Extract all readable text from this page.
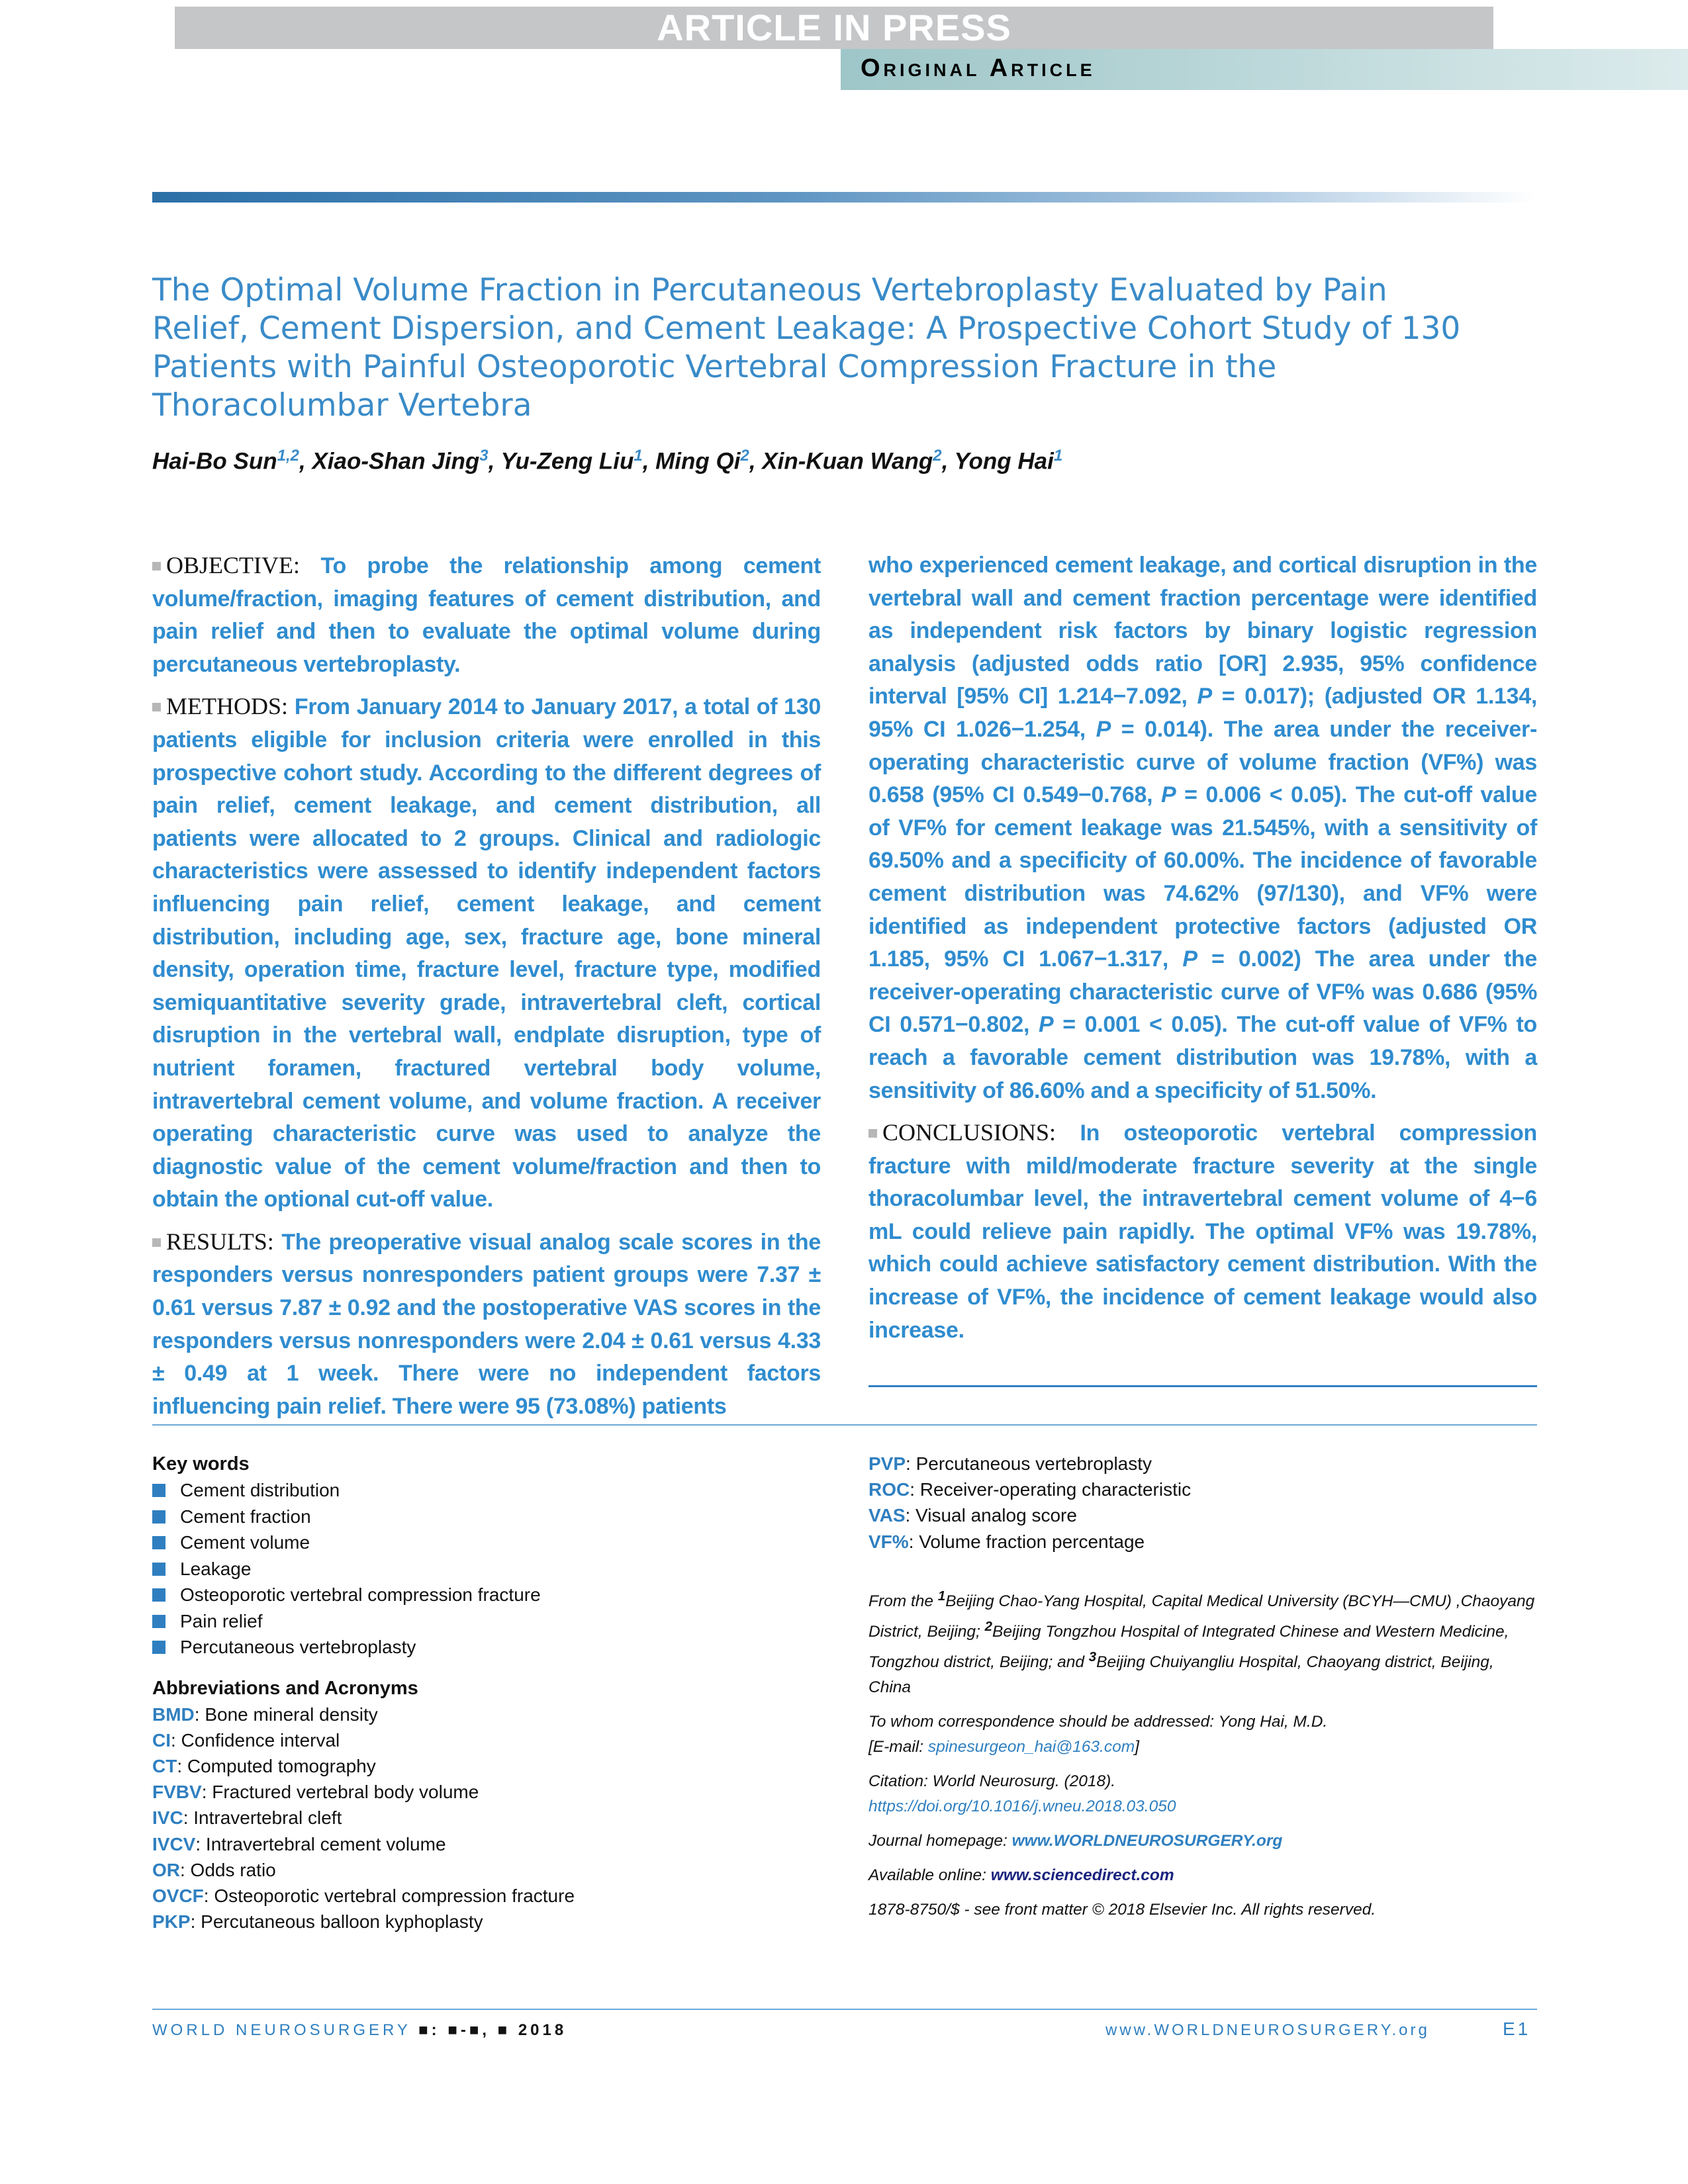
ARTICLE IN PRESS
Original Article
The Optimal Volume Fraction in Percutaneous Vertebroplasty Evaluated by Pain Relief, Cement Dispersion, and Cement Leakage: A Prospective Cohort Study of 130 Patients with Painful Osteoporotic Vertebral Compression Fracture in the Thoracolumbar Vertebra
Hai-Bo Sun$^{1,2}$, Xiao-Shan Jing$^3$, Yu-Zeng Liu$^1$, Ming Qi$^2$, Xin-Kuan Wang$^2$, Yong Hai$^1$

OBJECTIVE: To probe the relationship among cement volume/fraction, imaging features of cement distribution, and pain relief and then to evaluate the optimal volume during percutaneous vertebroplasty.

METHODS: From January 2014 to January 2017, a total of 130 patients eligible for inclusion criteria were enrolled in this prospective cohort study. According to the different degrees of pain relief, cement leakage, and cement distribution, all patients were allocated to 2 groups. Clinical and radiologic characteristics were assessed to identify independent factors influencing pain relief, cement leakage, and cement distribution, including age, sex, fracture age, bone mineral density, operation time, fracture level, fracture type, modified semiquantitative severity grade, intravertebral cleft, cortical disruption in the vertebral wall, endplate disruption, type of nutrient foramen, fractured vertebral body volume, intravertebral cement volume, and volume fraction. A receiver operating characteristic curve was used to analyze the diagnostic value of the cement volume/fraction and then to obtain the optional cut-off value.

RESULTS: The preoperative visual analog scale scores in the responders versus nonresponders patient groups were 7.37 ± 0.61 versus 7.87 ± 0.92 and the postoperative VAS scores in the responders versus nonresponders were 2.04 ± 0.61 versus 4.33 ± 0.49 at 1 week. There were no independent factors influencing pain relief. There were 95 (73.08%) patients

who experienced cement leakage, and cortical disruption in the vertebral wall and cement fraction percentage were identified as independent risk factors by binary logistic regression analysis (adjusted odds ratio [OR] 2.935, 95% confidence interval [95% CI] 1.214−7.092, P = 0.017); (adjusted OR 1.134, 95% CI 1.026−1.254, P = 0.014). The area under the receiver-operating characteristic curve of volume fraction (VF%) was 0.658 (95% CI 0.549−0.768, P = 0.006 < 0.05). The cut-off value of VF% for cement leakage was 21.545%, with a sensitivity of 69.50% and a specificity of 60.00%. The incidence of favorable cement distribution was 74.62% (97/130), and VF% were identified as independent protective factors (adjusted OR 1.185, 95% CI 1.067−1.317, P = 0.002) The area under the receiver-operating characteristic curve of VF% was 0.686 (95% CI 0.571−0.802, P = 0.001 < 0.05). The cut-off value of VF% to reach a favorable cement distribution was 19.78%, with a sensitivity of 86.60% and a specificity of 51.50%.

CONCLUSIONS: In osteoporotic vertebral compression fracture with mild/moderate fracture severity at the single thoracolumbar level, the intravertebral cement volume of 4−6 mL could relieve pain rapidly. The optimal VF% was 19.78%, which could achieve satisfactory cement distribution. With the increase of VF%, the incidence of cement leakage would also increase.

Key words
Cement distribution
Cement fraction
Cement volume
Leakage
Osteoporotic vertebral compression fracture
Pain relief
Percutaneous vertebroplasty
Abbreviations and Acronyms
BMD: Bone mineral density
CI: Confidence interval
CT: Computed tomography
FVBV: Fractured vertebral body volume
IVC: Intravertebral cleft
IVCV: Intravertebral cement volume
OR: Odds ratio
OVCF: Osteoporotic vertebral compression fracture
PKP: Percutaneous balloon kyphoplasty
PVP: Percutaneous vertebroplasty
ROC: Receiver-operating characteristic
VAS: Visual analog score
VF%: Volume fraction percentage

From the $^1$Beijing Chao-Yang Hospital, Capital Medical University (BCYH—CMU) ,Chaoyang District, Beijing; $^2$Beijing Tongzhou Hospital of Integrated Chinese and Western Medicine, Tongzhou district, Beijing; and $^3$Beijing Chuiyangliu Hospital, Chaoyang district, Beijing, China

To whom correspondence should be addressed: Yong Hai, M.D.
[E-mail: spinesurgeon_hai@163.com]

Citation: World Neurosurg. (2018).
https://doi.org/10.1016/j.wneu.2018.03.050

Journal homepage: www.WORLDNEUROSURGERY.org

Available online: www.sciencedirect.com

1878-8750/$ - see front matter © 2018 Elsevier Inc. All rights reserved.

WORLD NEUROSURGERY ■: ■-■, ■ 2018	www.WORLDNEUROSURGERY.org	E1
